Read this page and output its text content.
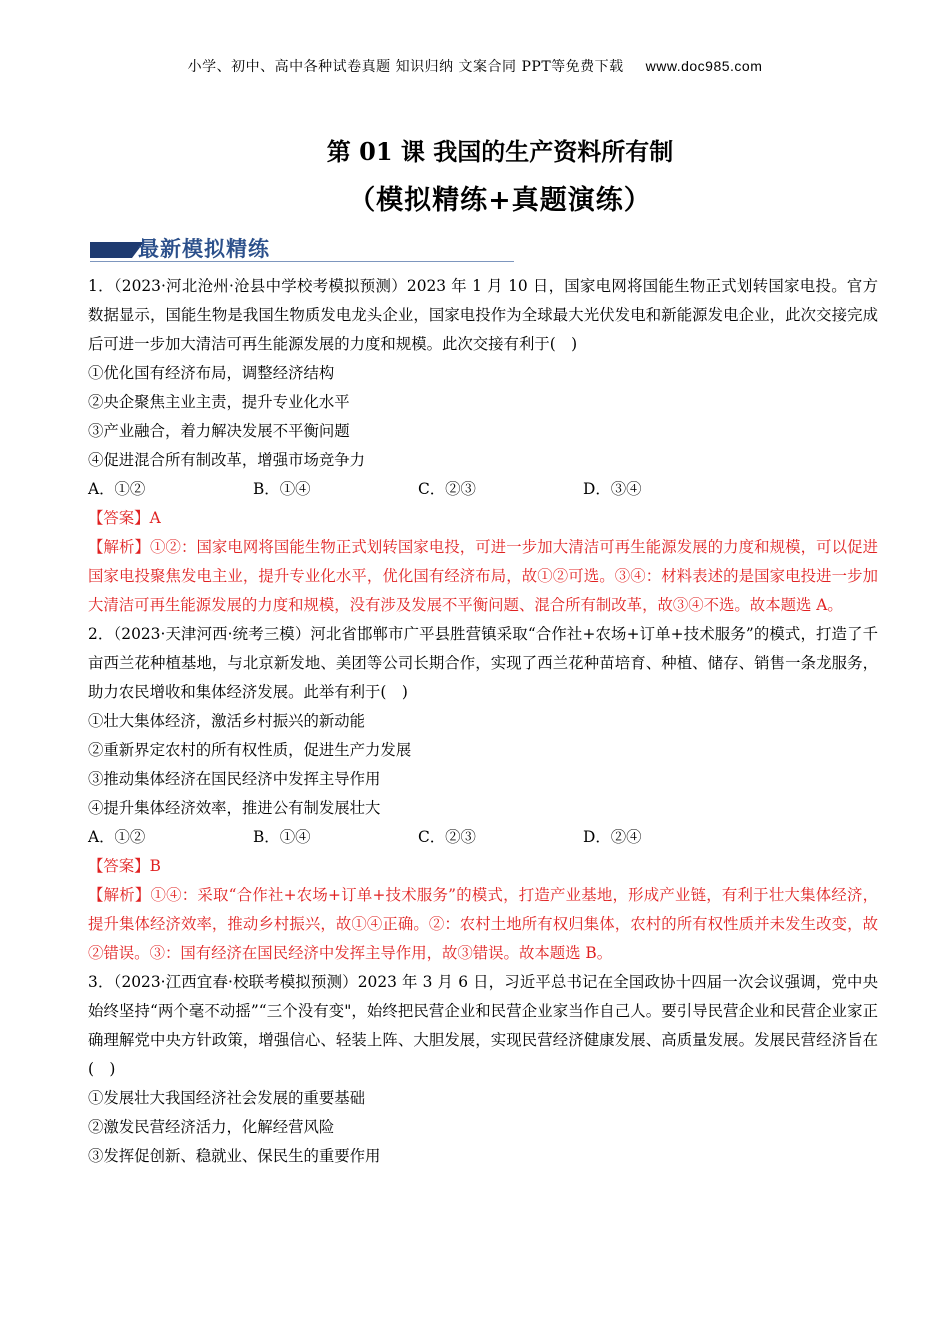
小学、初中、高中各种试卷真题 知识归纳 文案合同 PPT等免费下载 www.doc985.com
第 01 课 我国的生产资料所有制
（模拟精练+真题演练）
最新模拟精练

1．（2023·河北沧州·沧县中学校考模拟预测）2023 年 1 月 10 日，国家电网将国能生物正式划转国家电投。官方数据显示，国能生物是我国生物质发电龙头企业，国家电投作为全球最大光伏发电和新能源发电企业，此次交接完成后可进一步加大清洁可再生能源发展的力度和规模。此次交接有利于(　)

①优化国有经济布局，调整经济结构

②央企聚焦主业主责，提升专业化水平

③产业融合，着力解决发展不平衡问题

④促进混合所有制改革，增强市场竞争力

A．①②	B．①④	C．②③	D．③④

【答案】A

【解析】①②：国家电网将国能生物正式划转国家电投，可进一步加大清洁可再生能源发展的力度和规模，可以促进国家电投聚焦发电主业，提升专业化水平，优化国有经济布局，故①②可选。③④：材料表述的是国家电投进一步加大清洁可再生能源发展的力度和规模，没有涉及发展不平衡问题、混合所有制改革，故③④不选。故本题选 A。

2．（2023·天津河西·统考三模）河北省邯郸市广平县胜营镇采取“合作社+农场+订单+技术服务”的模式，打造了千亩西兰花种植基地，与北京新发地、美团等公司长期合作，实现了西兰花种苗培育、种植、储存、销售一条龙服务，助力农民增收和集体经济发展。此举有利于(　)

①壮大集体经济，激活乡村振兴的新动能

②重新界定农村的所有权性质，促进生产力发展

③推动集体经济在国民经济中发挥主导作用

④提升集体经济效率，推进公有制发展壮大

A．①②	B．①④	C．②③	D．②④

【答案】B

【解析】①④：采取“合作社+农场+订单+技术服务”的模式，打造产业基地，形成产业链，有利于壮大集体经济，提升集体经济效率，推动乡村振兴，故①④正确。②：农村土地所有权归集体，农村的所有权性质并未发生改变，故②错误。③：国有经济在国民经济中发挥主导作用，故③错误。故本题选 B。

3．（2023·江西宜春·校联考模拟预测）2023 年 3 月 6 日，习近平总书记在全国政协十四届一次会议强调，党中央始终坚持“两个毫不动摇”“三个没有变"，始终把民营企业和民营企业家当作自己人。要引导民营企业和民营企业家正确理解党中央方针政策，增强信心、轻装上阵、大胆发展，实现民营经济健康发展、高质量发展。发展民营经济旨在(　)

①发展壮大我国经济社会发展的重要基础

②激发民营经济活力，化解经营风险

③发挥促创新、稳就业、保民生的重要作用
